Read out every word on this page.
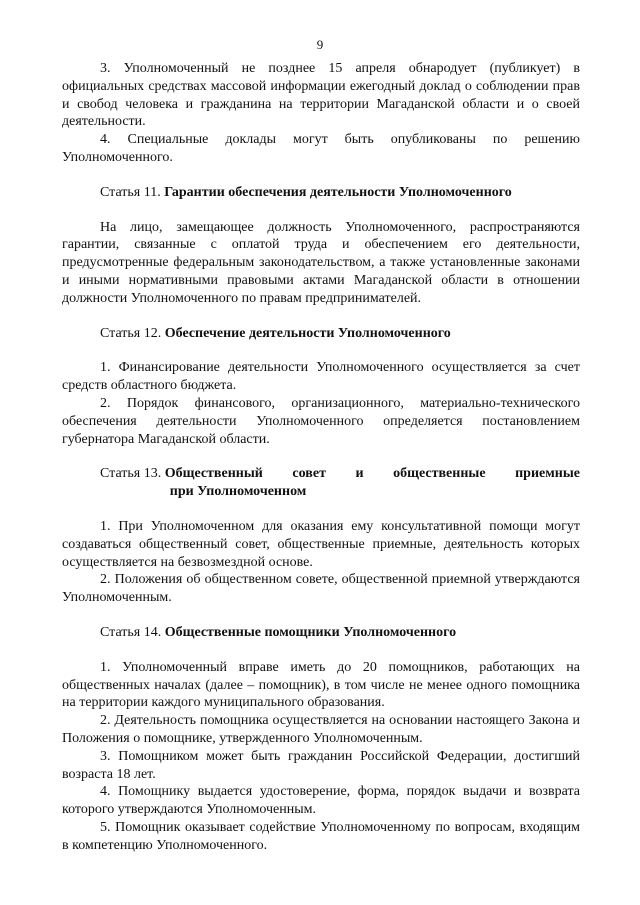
9

3. Уполномоченный не позднее 15 апреля обнародует (публикует) в официальных средствах массовой информации ежегодный доклад о соблюдении прав и свобод человека и гражданина на территории Магаданской области и о своей деятельности.

4. Специальные доклады могут быть опубликованы по решению Уполномоченного.

Статья 11. Гарантии обеспечения деятельности Уполномоченного

На лицо, замещающее должность Уполномоченного, распространяются гарантии, связанные с оплатой труда и обеспечением его деятельности, предусмотренные федеральным законодательством, а также установленные законами и иными нормативными правовыми актами Магаданской области в отношении должности Уполномоченного по правам предпринимателей.

Статья 12. Обеспечение деятельности Уполномоченного

1. Финансирование деятельности Уполномоченного осуществляется за счет средств областного бюджета.

2. Порядок финансового, организационного, материально-технического обеспечения деятельности Уполномоченного определяется постановлением губернатора Магаданской области.

Статья 13. Общественный совет и общественные приемные
при Уполномоченном

1. При Уполномоченном для оказания ему консультативной помощи могут создаваться общественный совет, общественные приемные, деятельность которых осуществляется на безвозмездной основе.

2. Положения об общественном совете, общественной приемной утверждаются Уполномоченным.

Статья 14. Общественные помощники Уполномоченного

1. Уполномоченный вправе иметь до 20 помощников, работающих на общественных началах (далее – помощник), в том числе не менее одного помощника на территории каждого муниципального образования.

2. Деятельность помощника осуществляется на основании настоящего Закона и Положения о помощнике, утвержденного Уполномоченным.

3. Помощником может быть гражданин Российской Федерации, достигший возраста 18 лет.

4. Помощнику выдается удостоверение, форма, порядок выдачи и возврата которого утверждаются Уполномоченным.

5. Помощник оказывает содействие Уполномоченному по вопросам, входящим в компетенцию Уполномоченного.
